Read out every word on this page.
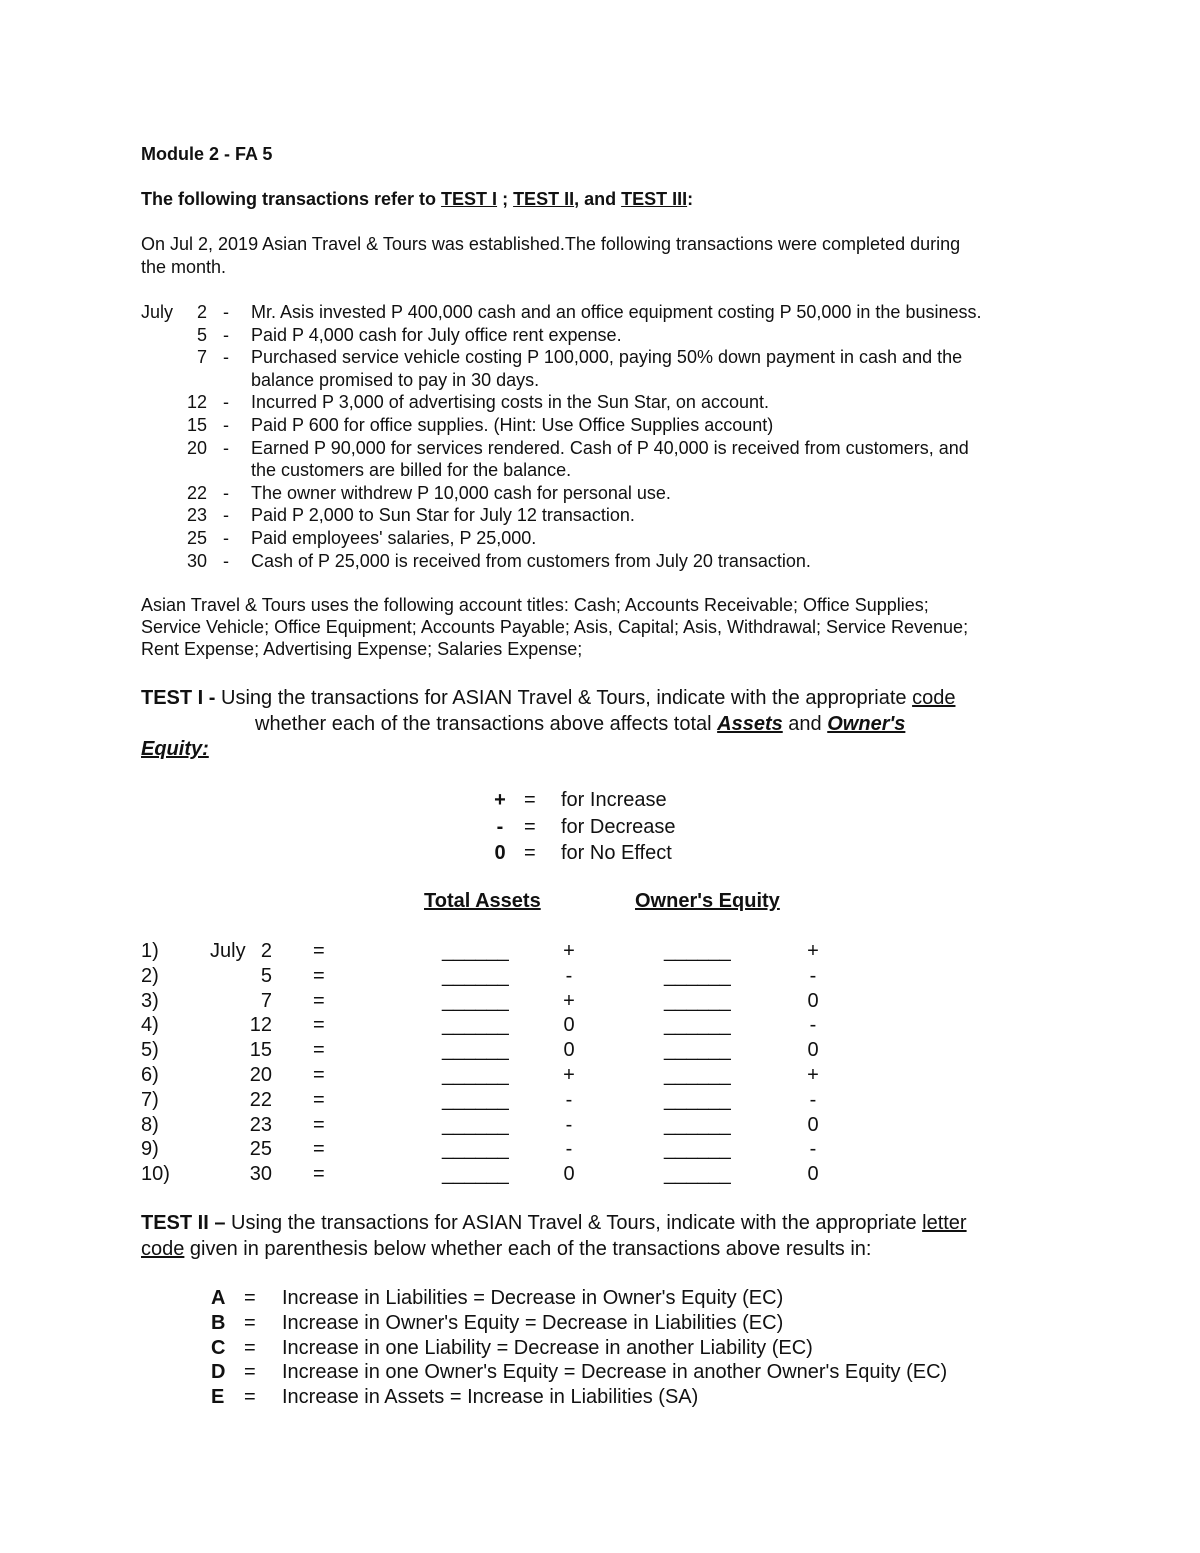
Module 2 - FA 5
The following transactions refer to TEST I ; TEST II, and TEST III:
On Jul 2, 2019 Asian Travel & Tours was established.The following transactions were completed during
the month.
July	2 - Mr. Asis invested P 400,000 cash and an office equipment costing P 50,000 in the business.
5 - Paid P 4,000 cash for July office rent expense.
7 - Purchased service vehicle costing P 100,000, paying 50% down payment in cash and the
balance promised to pay in 30 days.
12 - Incurred P 3,000 of advertising costs in the Sun Star, on account.
15 - Paid P 600 for office supplies. (Hint: Use Office Supplies account)
20 - Earned P 90,000 for services rendered. Cash of P 40,000 is received from customers, and
the customers are billed for the balance.
22 - The owner withdrew P 10,000 cash for personal use.
23 - Paid P 2,000 to Sun Star for July 12 transaction.
25 - Paid employees' salaries, P 25,000.
30 - Cash of P 25,000 is received from customers from July 20 transaction.
Asian Travel & Tours uses the following account titles: Cash; Accounts Receivable; Office Supplies;
Service Vehicle; Office Equipment; Accounts Payable; Asis, Capital; Asis, Withdrawal; Service Revenue;
Rent Expense; Advertising Expense; Salaries Expense;
TEST I - Using the transactions for ASIAN Travel & Tours, indicate with the appropriate code
whether each of the transactions above affects total Assets and Owner's
Equity:
+ = for Increase
-	= for Decrease
0 = for No Effect
Total Assets	Owner's Equity
1)	July 2 =	______	+	______	+
2)	5 =	______	-	______	-
3)	7 =	______	+	______	0
4)	12 =	______	0	______	-
5)	15 =	______	0	______	0
6)	20 =	______	+	______	+
7)	22 =	______	-	______	-
8)	23 =	______	-	______	0
9)	25 =	______	-	______	-
10)	30 =	______	0	______	0
TEST II – Using the transactions for ASIAN Travel & Tours, indicate with the appropriate letter
code given in parenthesis below whether each of the transactions above results in:
A = Increase in Liabilities = Decrease in Owner's Equity (EC)
B = Increase in Owner's Equity = Decrease in Liabilities (EC)
C = Increase in one Liability = Decrease in another Liability (EC)
D = Increase in one Owner's Equity = Decrease in another Owner's Equity (EC)
E = Increase in Assets = Increase in Liabilities (SA)
